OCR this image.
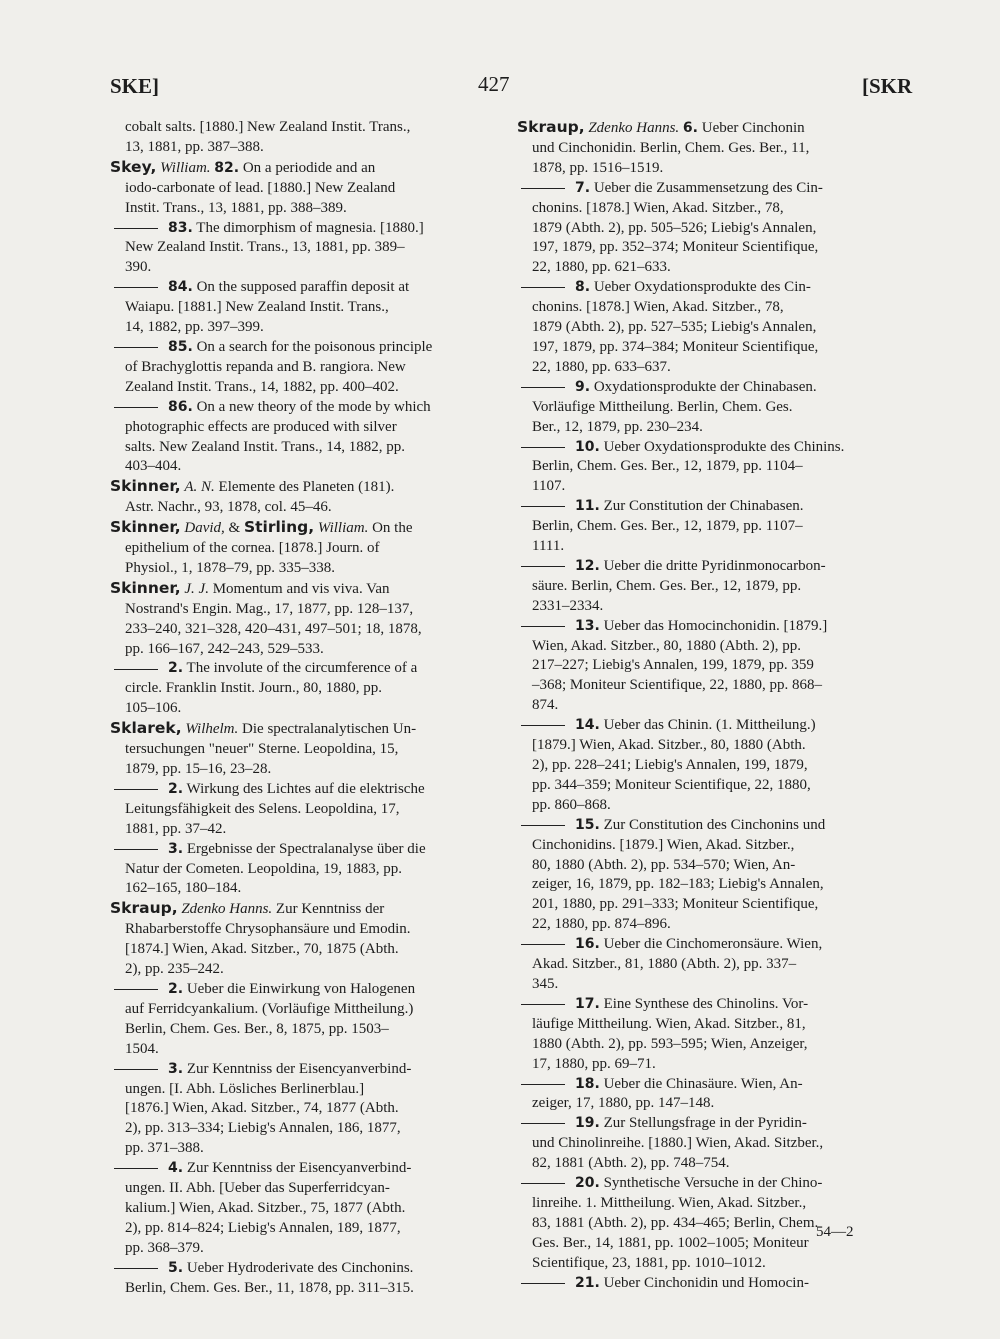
SKE]	427	[SKR
cobalt salts. [1880.] New Zealand Instit. Trans.,
13, 1881, pp. 387–388.
Skey, William. 82. On a periodide and an
iodo-carbonate of lead. [1880.] New Zealand
Instit. Trans., 13, 1881, pp. 388–389.
83. The dimorphism of magnesia. [1880.]
New Zealand Instit. Trans., 13, 1881, pp. 389–
390.
84. On the supposed paraffin deposit at
Waiapu. [1881.] New Zealand Instit. Trans.,
14, 1882, pp. 397–399.
85. On a search for the poisonous principle
of Brachyglottis repanda and B. rangiora. New
Zealand Instit. Trans., 14, 1882, pp. 400–402.
86. On a new theory of the mode by which
photographic effects are produced with silver
salts. New Zealand Instit. Trans., 14, 1882, pp.
403–404.
Skinner, A. N. Elemente des Planeten (181).
Astr. Nachr., 93, 1878, col. 45–46.
Skinner, David, & Stirling, William. On the
epithelium of the cornea. [1878.] Journ. of
Physiol., 1, 1878–79, pp. 335–338.
Skinner, J. J. Momentum and vis viva. Van
Nostrand's Engin. Mag., 17, 1877, pp. 128–137,
233–240, 321–328, 420–431, 497–501; 18, 1878,
pp. 166–167, 242–243, 529–533.
2. The involute of the circumference of a
circle. Franklin Instit. Journ., 80, 1880, pp.
105–106.
Sklarek, Wilhelm. Die spectralanalytischen Un-
tersuchungen "neuer" Sterne. Leopoldina, 15,
1879, pp. 15–16, 23–28.
2. Wirkung des Lichtes auf die elektrische
Leitungsfähigkeit des Selens. Leopoldina, 17,
1881, pp. 37–42.
3. Ergebnisse der Spectralanalyse über die
Natur der Cometen. Leopoldina, 19, 1883, pp.
162–165, 180–184.
Skraup, Zdenko Hanns. Zur Kenntniss der
Rhabarberstoffe Chrysophansäure und Emodin.
[1874.] Wien, Akad. Sitzber., 70, 1875 (Abth.
2), pp. 235–242.
2. Ueber die Einwirkung von Halogenen
auf Ferridcyankalium. (Vorläufige Mittheilung.)
Berlin, Chem. Ges. Ber., 8, 1875, pp. 1503–
1504.
3. Zur Kenntniss der Eisencyanverbind-
ungen. [I. Abh. Lösliches Berlinerblau.]
[1876.] Wien, Akad. Sitzber., 74, 1877 (Abth.
2), pp. 313–334; Liebig's Annalen, 186, 1877,
pp. 371–388.
4. Zur Kenntniss der Eisencyanverbind-
ungen. II. Abh. [Ueber das Superferridcyan-
kalium.] Wien, Akad. Sitzber., 75, 1877 (Abth.
2), pp. 814–824; Liebig's Annalen, 189, 1877,
pp. 368–379.
5. Ueber Hydroderivate des Cinchonins.
Berlin, Chem. Ges. Ber., 11, 1878, pp. 311–315.
Skraup, Zdenko Hanns. 6. Ueber Cinchonin
und Cinchonidin. Berlin, Chem. Ges. Ber., 11,
1878, pp. 1516–1519.
7. Ueber die Zusammensetzung des Cin-
chonins. [1878.] Wien, Akad. Sitzber., 78,
1879 (Abth. 2), pp. 505–526; Liebig's Annalen,
197, 1879, pp. 352–374; Moniteur Scientifique,
22, 1880, pp. 621–633.
8. Ueber Oxydationsprodukte des Cin-
chonins. [1878.] Wien, Akad. Sitzber., 78,
1879 (Abth. 2), pp. 527–535; Liebig's Annalen,
197, 1879, pp. 374–384; Moniteur Scientifique,
22, 1880, pp. 633–637.
9. Oxydationsprodukte der Chinabasen.
Vorläufige Mittheilung. Berlin, Chem. Ges.
Ber., 12, 1879, pp. 230–234.
10. Ueber Oxydationsprodukte des Chinins.
Berlin, Chem. Ges. Ber., 12, 1879, pp. 1104–
1107.
11. Zur Constitution der Chinabasen.
Berlin, Chem. Ges. Ber., 12, 1879, pp. 1107–
1111.
12. Ueber die dritte Pyridinmonocarbon-
säure. Berlin, Chem. Ges. Ber., 12, 1879, pp.
2331–2334.
13. Ueber das Homocinchonidin. [1879.]
Wien, Akad. Sitzber., 80, 1880 (Abth. 2), pp.
217–227; Liebig's Annalen, 199, 1879, pp. 359
–368; Moniteur Scientifique, 22, 1880, pp. 868–
874.
14. Ueber das Chinin. (1. Mittheilung.)
[1879.] Wien, Akad. Sitzber., 80, 1880 (Abth.
2), pp. 228–241; Liebig's Annalen, 199, 1879,
pp. 344–359; Moniteur Scientifique, 22, 1880,
pp. 860–868.
15. Zur Constitution des Cinchonins und
Cinchonidins. [1879.] Wien, Akad. Sitzber.,
80, 1880 (Abth. 2), pp. 534–570; Wien, An-
zeiger, 16, 1879, pp. 182–183; Liebig's Annalen,
201, 1880, pp. 291–333; Moniteur Scientifique,
22, 1880, pp. 874–896.
16. Ueber die Cinchomeronsäure. Wien,
Akad. Sitzber., 81, 1880 (Abth. 2), pp. 337–
345.
17. Eine Synthese des Chinolins. Vor-
läufige Mittheilung. Wien, Akad. Sitzber., 81,
1880 (Abth. 2), pp. 593–595; Wien, Anzeiger,
17, 1880, pp. 69–71.
18. Ueber die Chinasäure. Wien, An-
zeiger, 17, 1880, pp. 147–148.
19. Zur Stellungsfrage in der Pyridin-
und Chinolinreihe. [1880.] Wien, Akad. Sitzber.,
82, 1881 (Abth. 2), pp. 748–754.
20. Synthetische Versuche in der Chino-
linreihe. 1. Mittheilung. Wien, Akad. Sitzber.,
83, 1881 (Abth. 2), pp. 434–465; Berlin, Chem.
Ges. Ber., 14, 1881, pp. 1002–1005; Moniteur
Scientifique, 23, 1881, pp. 1010–1012.
21. Ueber Cinchonidin und Homocin-
54—2
